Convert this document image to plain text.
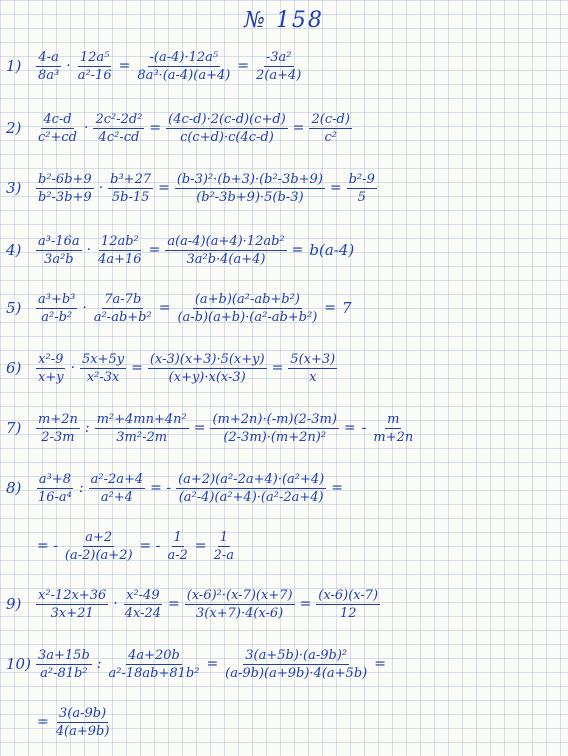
№ 158
1)	$\frac{4-a}{\text{8a³}} \cdot \frac{\text{12a⁵}}{\text{a²-16}} = \frac{\text{-(a-4)·12a⁵}}{\text{8a³·(a-4)(a+4)}} = \frac{\text{-3a²}}{2(a+4)}$
2)	$\frac{4c-d}{\text{c²+cd}} \cdot \frac{\text{2c²-2d²}}{\text{4c²-cd}} = \frac{(4c-d)\cdot 2(c-d)(c+d)}{c(c+d)\cdot c(4c-d)} = \frac{2(c-d)}{\text{c²}}$
3)	$\frac{\text{b²-6b+9}}{\text{b²-3b+9}} \cdot \frac{\text{b³+27}}{5b-15} = \frac{\text{(b-3)²·(b+3)·(b²-3b+9)}}{\text{(b²-3b+9)·5(b-3)}} = \frac{\text{b²-9}}{5}$
4)	$\frac{\text{a³-16a}}{\text{3a²b}} \cdot \frac{\text{12ab²}}{4a+16} = \frac{\text{a(a-4)(a+4)·12ab²}}{\text{3a²b·4(a+4)}} = b(a-4)$
5)	$\frac{\text{a³+b³}}{\text{a²-b²}} \cdot \frac{7a-7b}{\text{a²-ab+b²}} = \frac{\text{(a+b)(a²-ab+b²)}}{\text{(a-b)(a+b)·(a²-ab+b²)}} = 7$
6)	$\frac{\text{x²-9}}{x+y} \cdot \frac{5x+5y}{\text{x²-3x}} = \frac{(x-3)(x+3)\cdot 5(x+y)}{(x+y)\cdot x(x-3)} = \frac{5(x+3)}{x}$
7)	$\frac{m+2n}{2-3m}$ : $\frac{\text{m²+4mn+4n²}}{\text{3m²-2m}} = \frac{(m+2n)\cdot(-m)(2-3m)}{\text{(2-3m)·(m+2n)²}}$ = - $\frac{m}{m+2n}$
8)	$\frac{\text{a³+8}}{\text{16-a⁴}}$ : $\frac{\text{a²-2a+4}}{\text{a²+4}}$ = - $\frac{\text{(a+2)(a²-2a+4)·(a²+4)}}{\text{(a²-4)(a²+4)·(a²-2a+4)}}$ =
= - $\frac{a+2}{(a-2)(a+2)}$ = - $\frac{1}{a-2} = \frac{1}{2-a}$
9)	$\frac{\text{x²-12x+36}}{3x+21} \cdot \frac{\text{x²-49}}{4x-24} = \frac{\text{(x-6)²·(x-7)(x+7)}}{3(x+7)\cdot 4(x-6)} = \frac{(x-6)(x-7)}{12}$
$10) \frac{3a+15b}{\text{a²-81b²}}$ : $\frac{4a+20b}{\text{a²-18ab+81b²}} = \frac{\text{3(a+5b)·(a-9b)²}}{(a-9b)(a+9b)\cdot 4(a+5b)}$ =
= $\frac{3(a-9b)}{4(a+9b)}$
